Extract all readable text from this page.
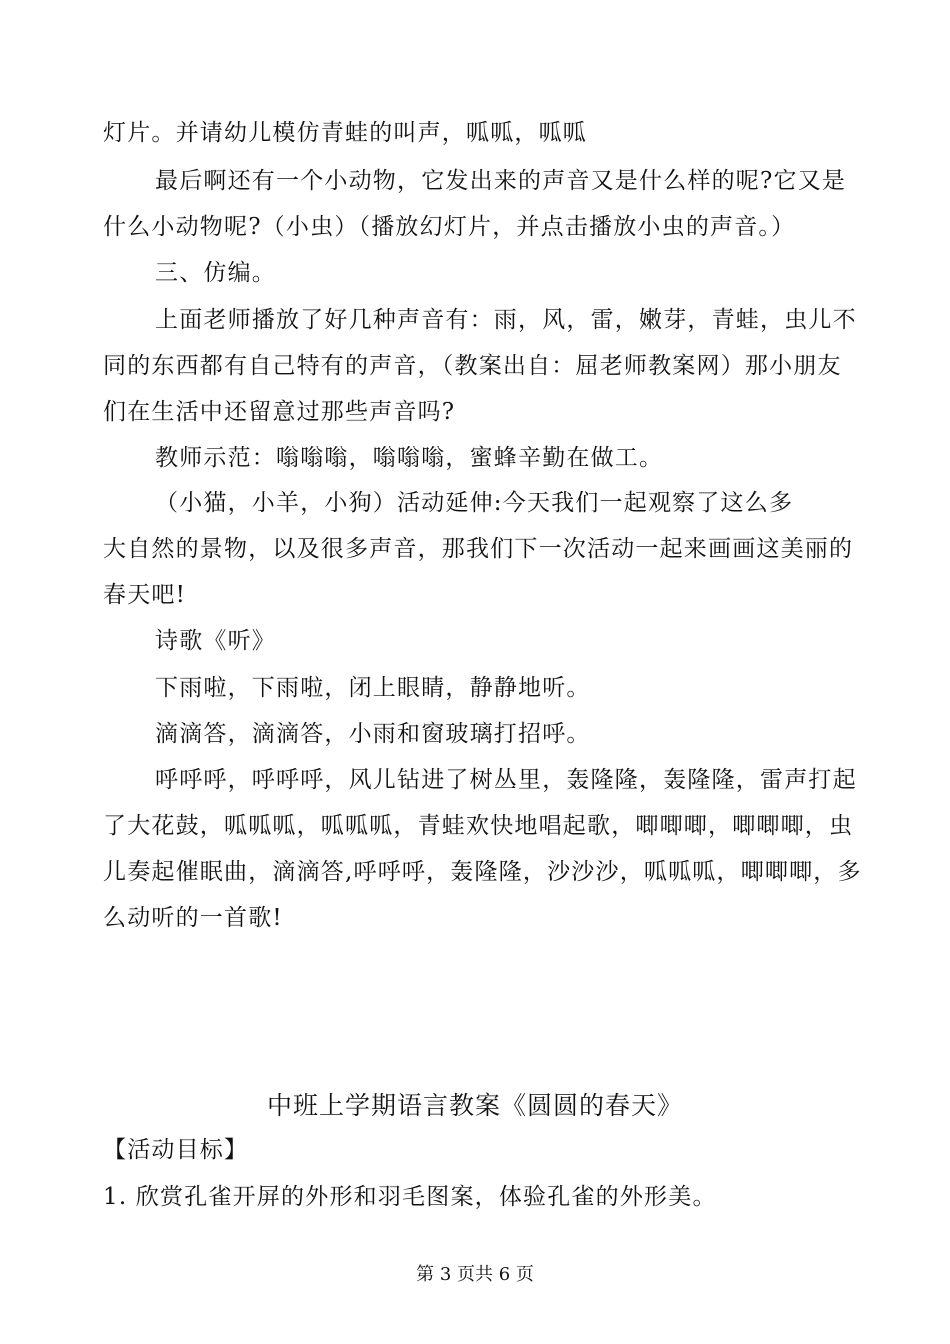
灯片。并请幼儿模仿青蛙的叫声，呱呱，呱呱
最后啊还有一个小动物，它发出来的声音又是什么样的呢?它又是
什么小动物呢?（小虫）（播放幻灯片，并点击播放小虫的声音。）
三、仿编。
上面老师播放了好几种声音有：雨，风，雷，嫩芽，青蛙，虫儿不
同的东西都有自己特有的声音，（教案出自：屈老师教案网）那小朋友
们在生活中还留意过那些声音吗?
教师示范：嗡嗡嗡，嗡嗡嗡，蜜蜂辛勤在做工。
（小猫，小羊，小狗）活动延伸:今天我们一起观察了这么多
大自然的景物，以及很多声音，那我们下一次活动一起来画画这美丽的
春天吧!
诗歌《听》
下雨啦，下雨啦，闭上眼睛，静静地听。
滴滴答，滴滴答，小雨和窗玻璃打招呼。
呼呼呼，呼呼呼，风儿钻进了树丛里，轰隆隆，轰隆隆，雷声打起
了大花鼓，呱呱呱，呱呱呱，青蛙欢快地唱起歌，唧唧唧，唧唧唧，虫
儿奏起催眠曲，滴滴答,呼呼呼，轰隆隆，沙沙沙，呱呱呱，唧唧唧，多
么动听的一首歌!
中班上学期语言教案《圆圆的春天》
【活动目标】
1. 欣赏孔雀开屏的外形和羽毛图案，体验孔雀的外形美。
第 3 页共 6 页
